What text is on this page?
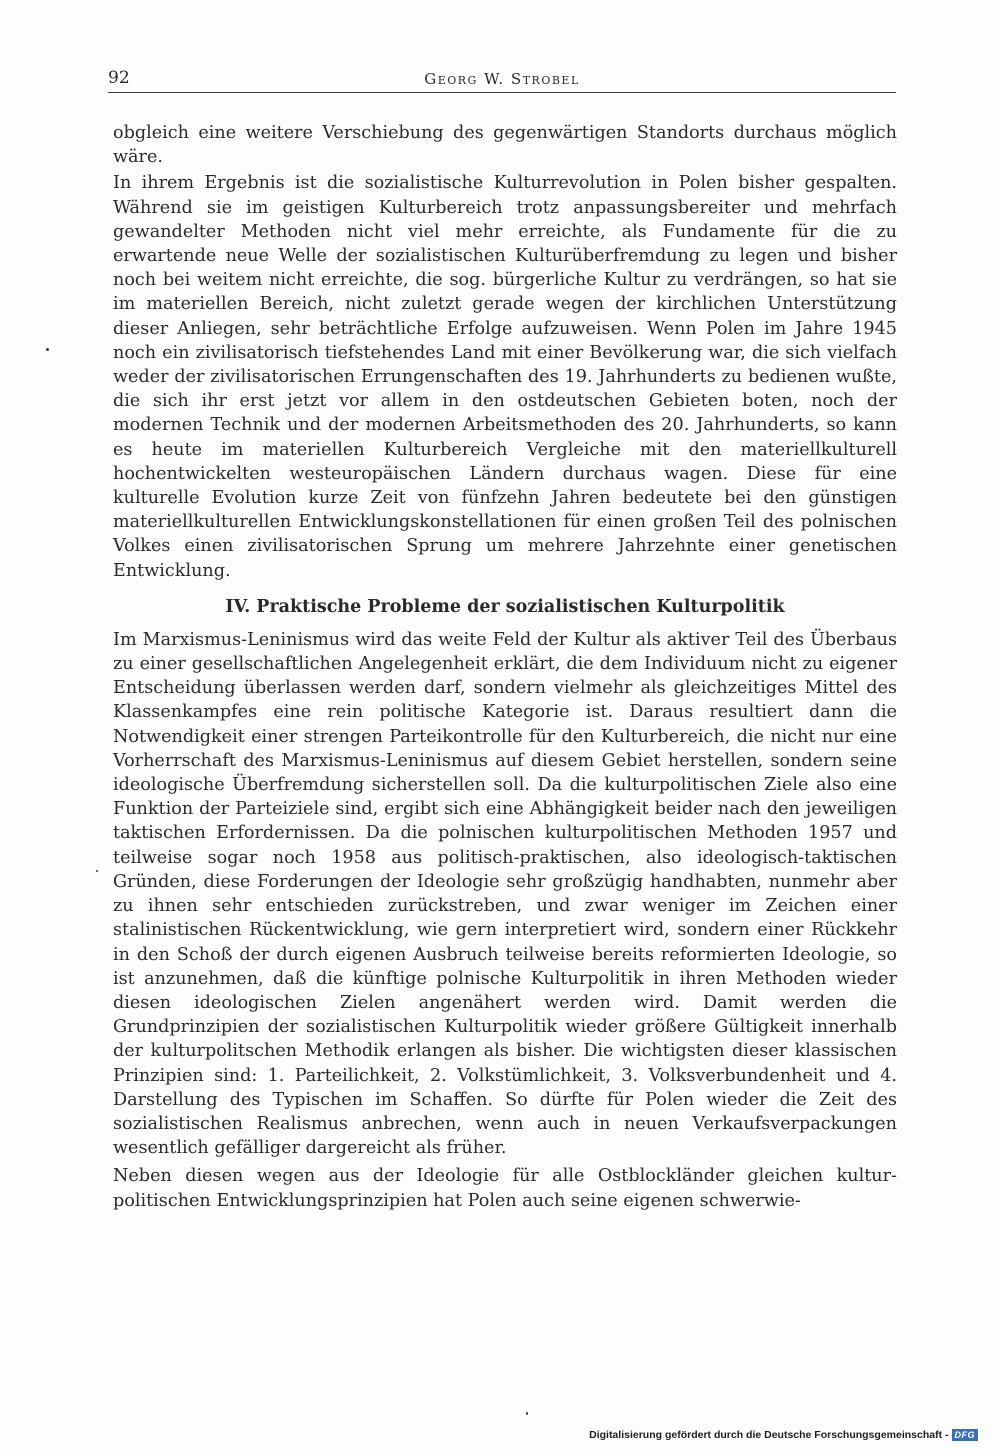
92	Georg W. Strobel

obgleich eine weitere Verschiebung des gegenwärtigen Standorts durchaus möglich wäre.

In ihrem Ergebnis ist die sozialistische Kulturrevolution in Polen bisher gespalten. Während sie im geistigen Kulturbereich trotz anpassungsbereiter und mehrfach gewandelter Methoden nicht viel mehr erreichte, als Fundamente für die zu erwartende neue Welle der sozialistischen Kulturüberfremdung zu legen und bisher noch bei weitem nicht erreichte, die sog. bürgerliche Kultur zu verdrängen, so hat sie im materiellen Bereich, nicht zuletzt gerade wegen der kirchlichen Unterstützung dieser Anliegen, sehr beträchtliche Erfolge aufzuweisen. Wenn Polen im Jahre 1945 noch ein zivilisatorisch tiefstehendes Land mit einer Bevölkerung war, die sich vielfach weder der zivilisatorischen Errungenschaften des 19. Jahrhunderts zu bedienen wußte, die sich ihr erst jetzt vor allem in den ostdeutschen Gebieten boten, noch der modernen Technik und der modernen Arbeitsmethoden des 20. Jahrhunderts, so kann es heute im materiellen Kulturbereich Vergleiche mit den materiellkulturell hochentwickelten westeuropäischen Ländern durchaus wagen. Diese für eine kulturelle Evolution kurze Zeit von fünfzehn Jahren bedeutete bei den günstigen materiellkulturellen Entwicklungskonstellationen für einen großen Teil des polnischen Volkes einen zivilisatorischen Sprung um mehrere Jahrzehnte einer genetischen Entwicklung.

IV. Praktische Probleme der sozialistischen Kulturpolitik

Im Marxismus-Leninismus wird das weite Feld der Kultur als aktiver Teil des Überbaus zu einer gesellschaftlichen Angelegenheit erklärt, die dem Individuum nicht zu eigener Entscheidung überlassen werden darf, sondern vielmehr als gleichzeitiges Mittel des Klassenkampfes eine rein politische Kategorie ist. Daraus resultiert dann die Notwendigkeit einer strengen Parteikontrolle für den Kulturbereich, die nicht nur eine Vorherrschaft des Marxismus-Leninismus auf diesem Gebiet herstellen, sondern seine ideologische Überfremdung sicherstellen soll. Da die kulturpolitischen Ziele also eine Funktion der Parteiziele sind, ergibt sich eine Abhängigkeit beider nach den jeweiligen taktischen Erfordernissen. Da die polnischen kulturpolitischen Methoden 1957 und teilweise sogar noch 1958 aus politisch-praktischen, also ideologisch-taktischen Gründen, diese Forderungen der Ideologie sehr großzügig handhabten, nunmehr aber zu ihnen sehr entschieden zurückstreben, und zwar weniger im Zeichen einer stalinistischen Rückentwicklung, wie gern interpretiert wird, sondern einer Rückkehr in den Schoß der durch eigenen Ausbruch teilweise bereits reformierten Ideologie, so ist anzunehmen, daß die künftige polnische Kulturpolitik in ihren Methoden wieder diesen ideologischen Zielen angenähert werden wird. Damit werden die Grundprinzipien der sozialistischen Kulturpolitik wieder größere Gültigkeit innerhalb der kulturpolitschen Methodik erlangen als bisher. Die wichtigsten dieser klassischen Prinzipien sind: 1. Parteilichkeit, 2. Volkstümlichkeit, 3. Volksverbundenheit und 4. Darstellung des Typischen im Schaffen. So dürfte für Polen wieder die Zeit des sozialistischen Realismus anbrechen, wenn auch in neuen Verkaufsverpackungen wesentlich gefälliger dargereicht als früher.

Neben diesen wegen aus der Ideologie für alle Ostblockländer gleichen kulturpolitischen Entwicklungsprinzipien hat Polen auch seine eigenen schwerwie-

Digitalisierung gefördert durch die Deutsche Forschungsgemeinschaft - DFG
